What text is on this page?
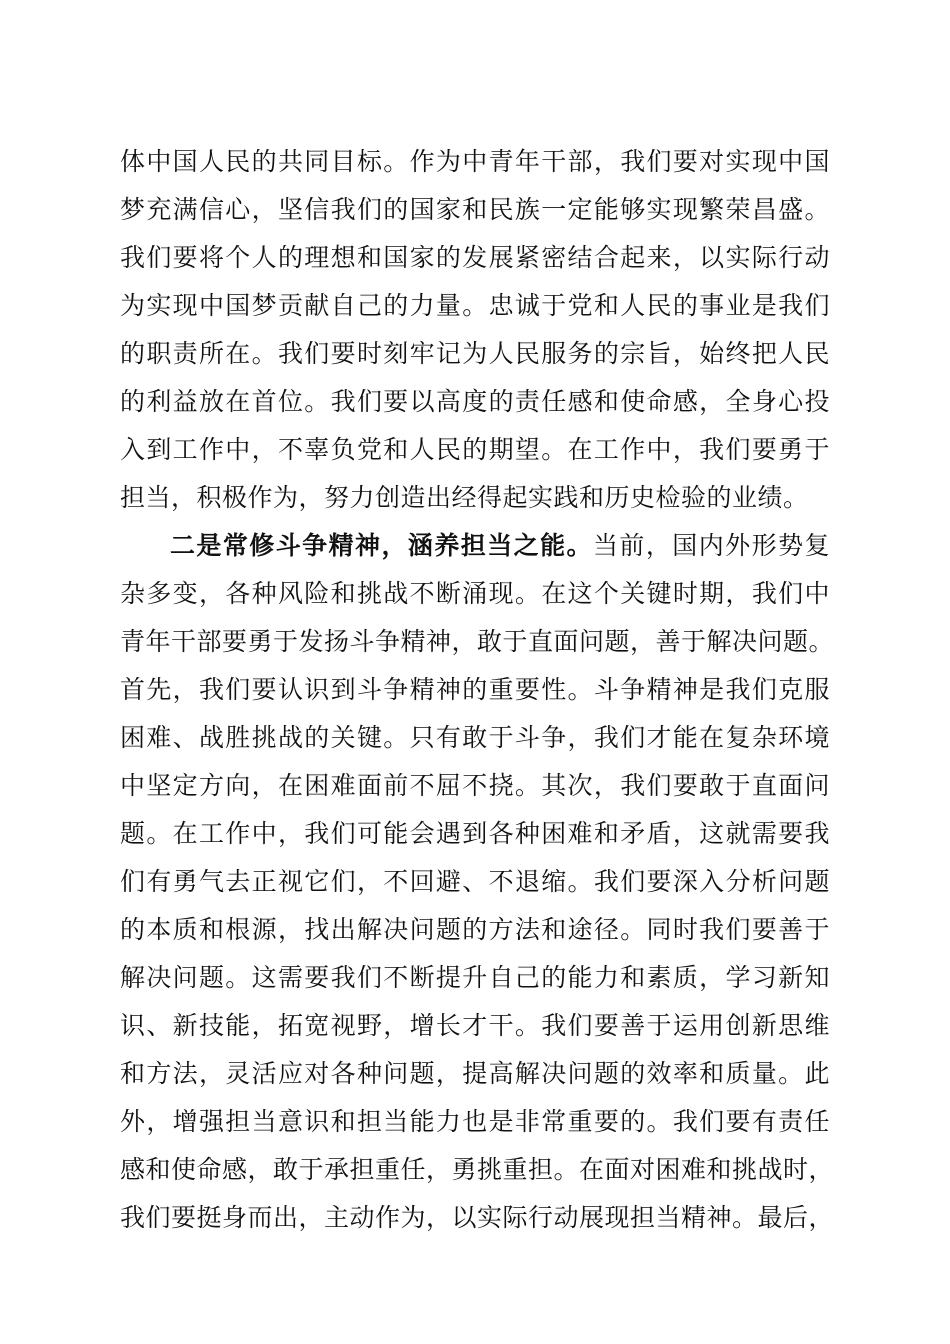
体中国人民的共同目标。作为中青年干部，我们要对实现中国
梦充满信心，坚信我们的国家和民族一定能够实现繁荣昌盛。
我们要将个人的理想和国家的发展紧密结合起来，以实际行动
为实现中国梦贡献自己的力量。忠诚于党和人民的事业是我们
的职责所在。我们要时刻牢记为人民服务的宗旨，始终把人民
的利益放在首位。我们要以高度的责任感和使命感，全身心投
入到工作中，不辜负党和人民的期望。在工作中，我们要勇于
担当，积极作为，努力创造出经得起实践和历史检验的业绩。
二是常修斗争精神，涵养担当之能。当前，国内外形势复
杂多变，各种风险和挑战不断涌现。在这个关键时期，我们中
青年干部要勇于发扬斗争精神，敢于直面问题，善于解决问题。
首先，我们要认识到斗争精神的重要性。斗争精神是我们克服
困难、战胜挑战的关键。只有敢于斗争，我们才能在复杂环境
中坚定方向，在困难面前不屈不挠。其次，我们要敢于直面问
题。在工作中，我们可能会遇到各种困难和矛盾，这就需要我
们有勇气去正视它们，不回避、不退缩。我们要深入分析问题
的本质和根源，找出解决问题的方法和途径。同时我们要善于
解决问题。这需要我们不断提升自己的能力和素质，学习新知
识、新技能，拓宽视野，增长才干。我们要善于运用创新思维
和方法，灵活应对各种问题，提高解决问题的效率和质量。此
外，增强担当意识和担当能力也是非常重要的。我们要有责任
感和使命感，敢于承担重任，勇挑重担。在面对困难和挑战时，
我们要挺身而出，主动作为，以实际行动展现担当精神。最后，
